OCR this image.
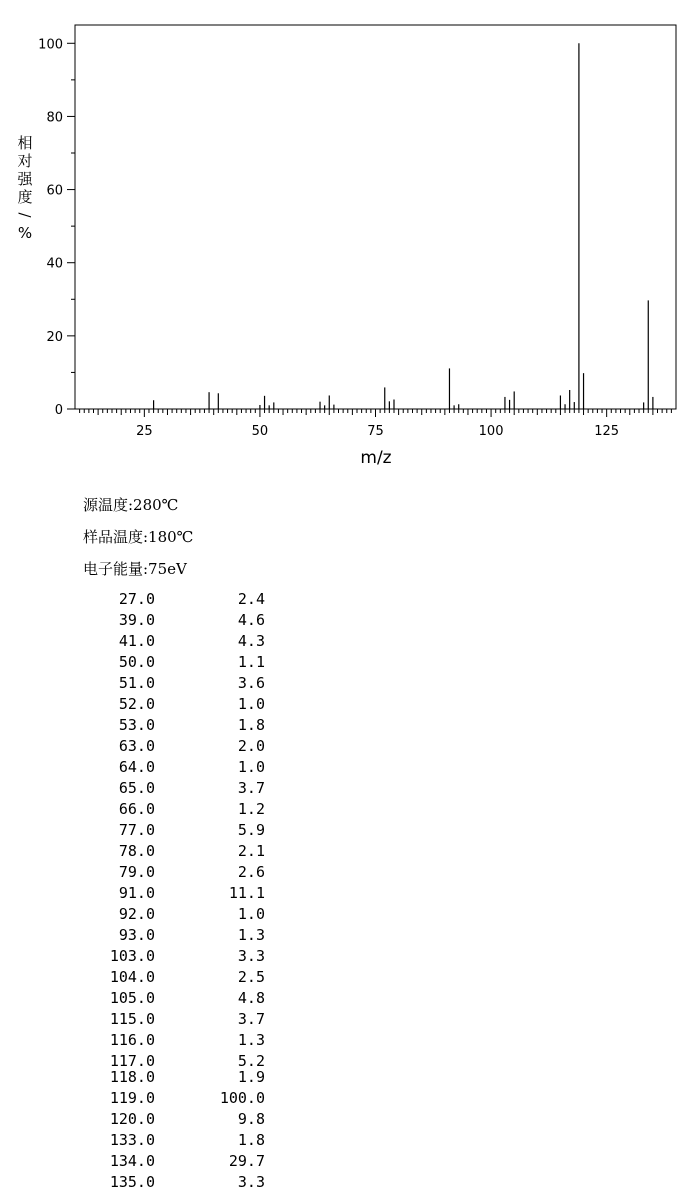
0
20
40
60
80
100
25	50	75	100	125
m/z
相
对
强
度
/
%
源温度:280℃
样品温度:180℃
电子能量:75eV
27.0	2.4
39.0	4.6
41.0	4.3
50.0	1.1
51.0	3.6
52.0	1.0
53.0	1.8
63.0	2.0
64.0	1.0
65.0	3.7
66.0	1.2
77.0	5.9
78.0	2.1
79.0	2.6
91.0	11.1
92.0	1.0
93.0	1.3
103.0	3.3
104.0	2.5
105.0	4.8
115.0	3.7
116.0	1.3
117.0	5.2
118.0	1.9
119.0	100.0
120.0	9.8
133.0	1.8
134.0	29.7
135.0	3.3
